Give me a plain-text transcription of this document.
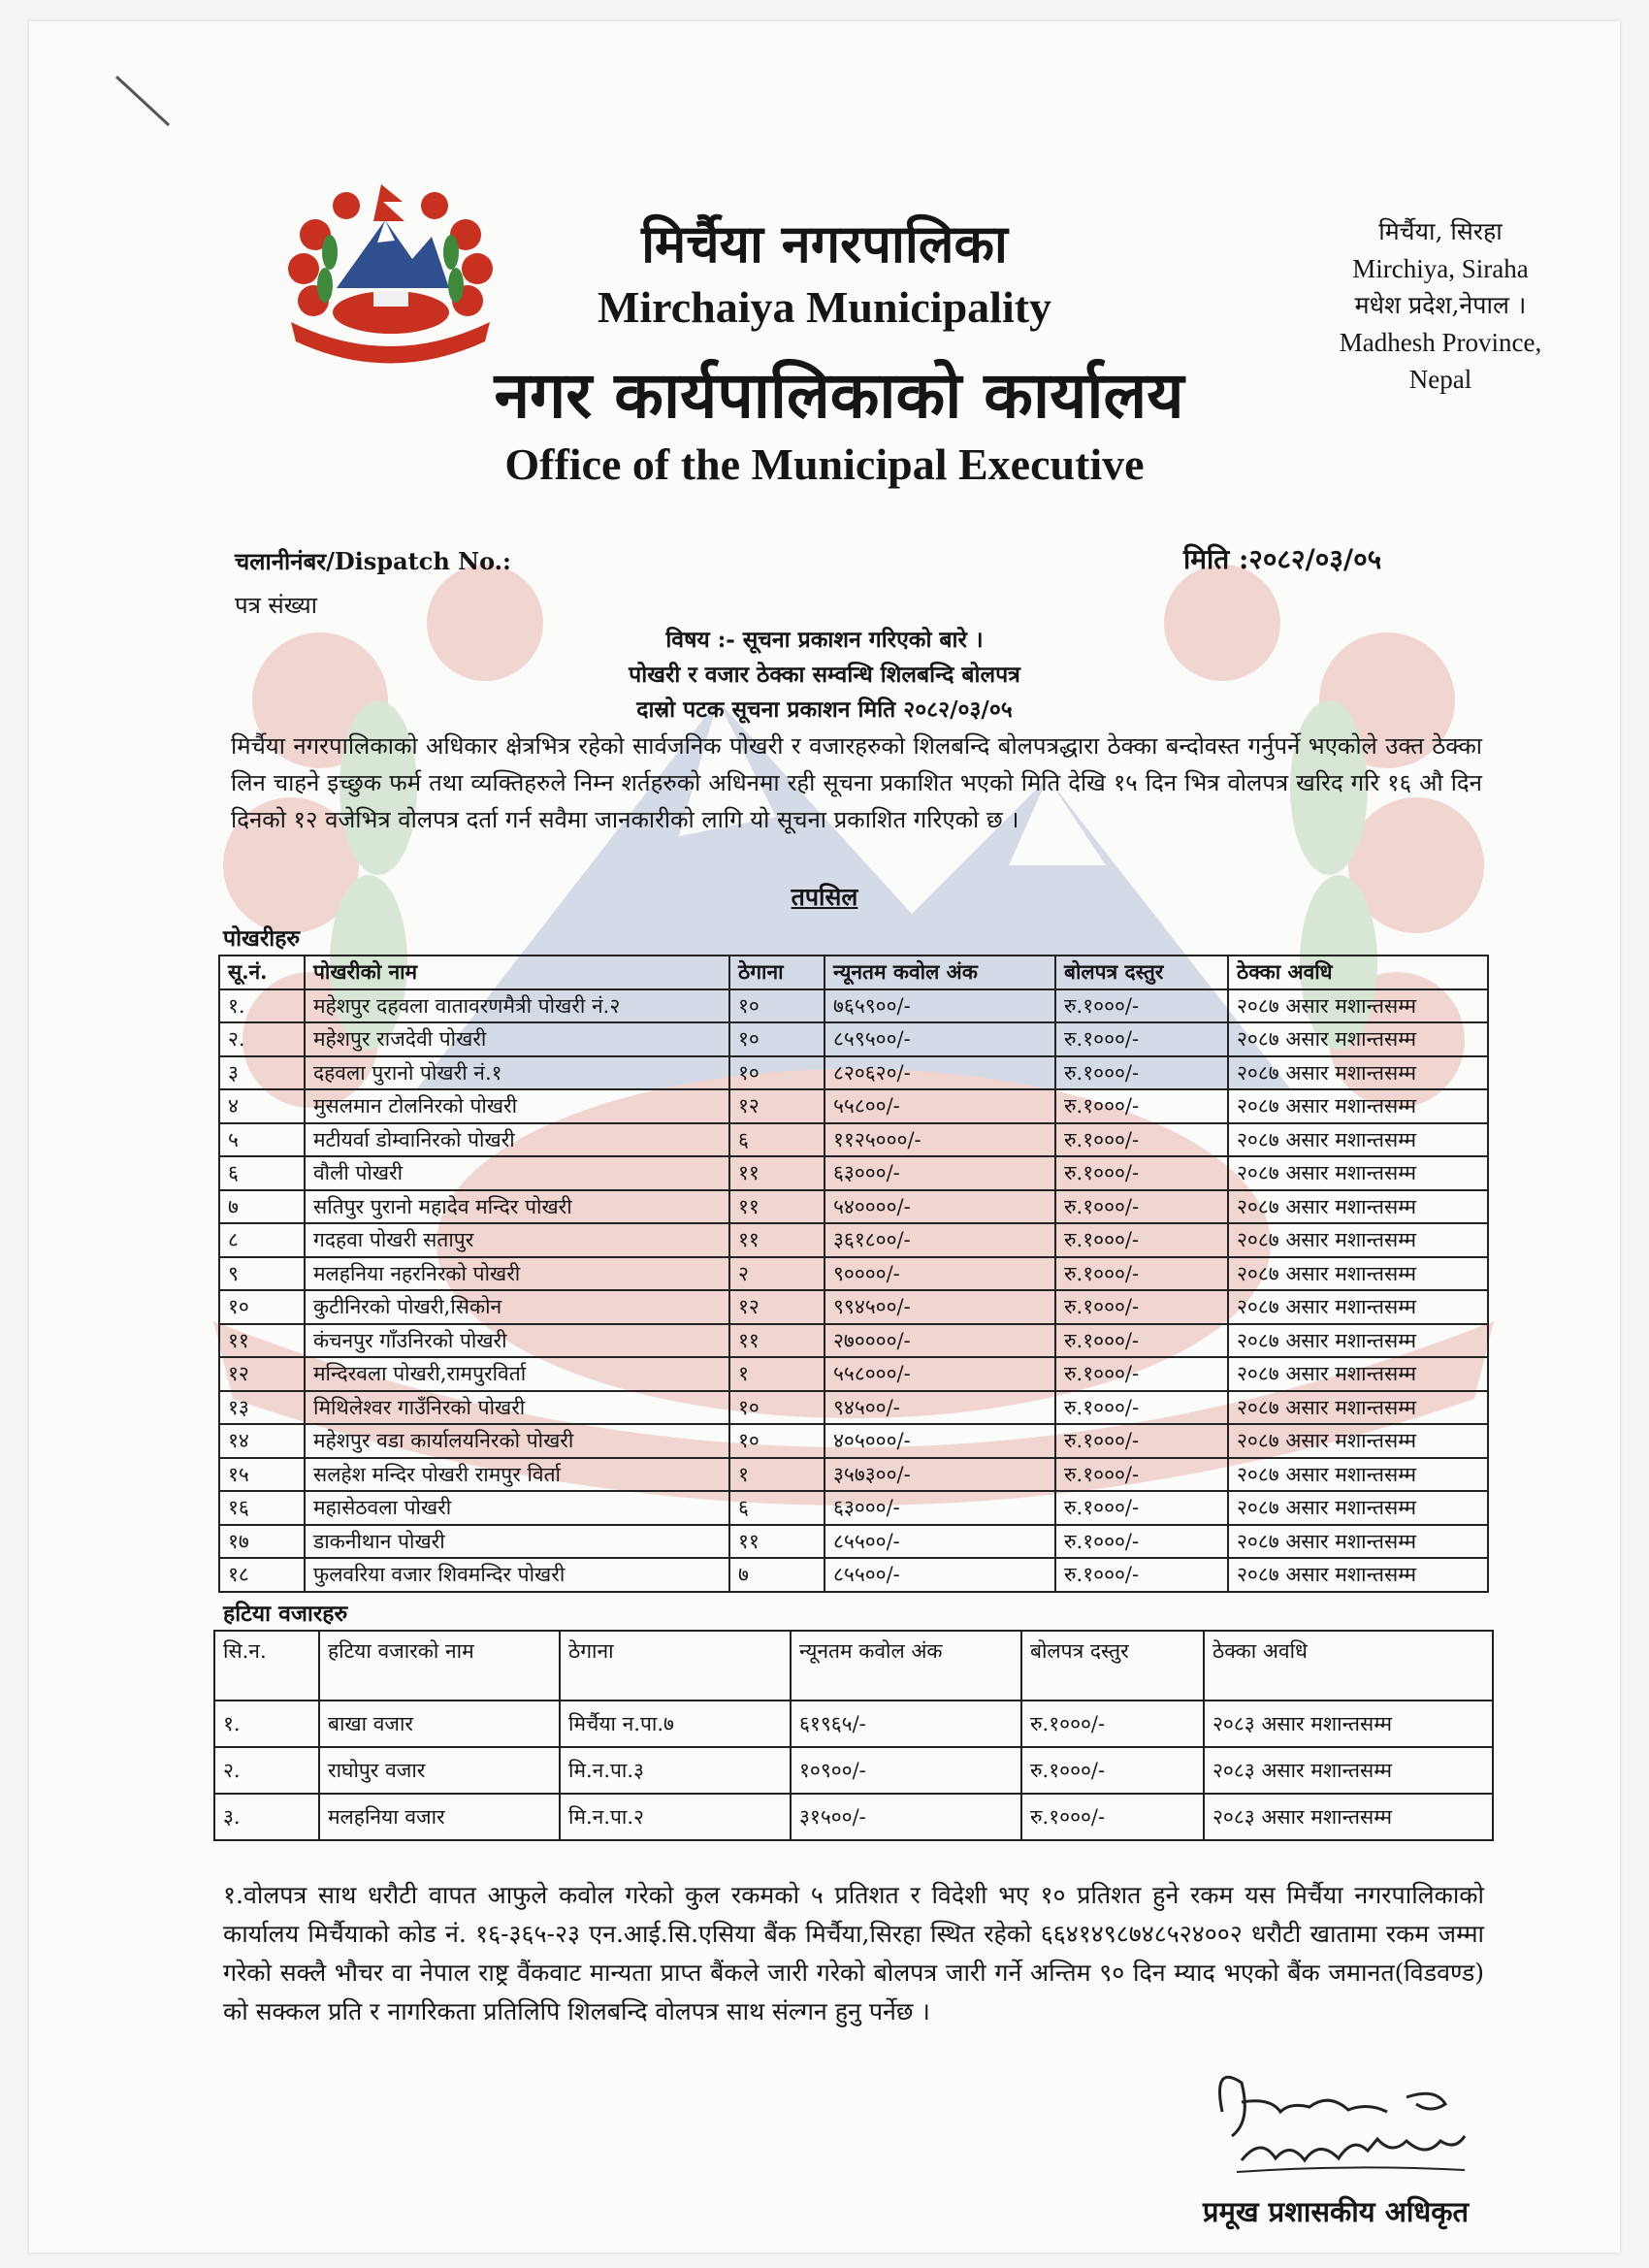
मिर्चैया नगरपालिका
Mirchaiya Municipality
नगर कार्यपालिकाको कार्यालय
Office of the Municipal Executive
मिर्चैया, सिरहा
Mirchiya, Siraha
मधेश प्रदेश,नेपाल ।
Madhesh Province,
Nepal
चलानीनंबर/Dispatch No.:
पत्र संख्या
मिति :२०८२/०३/०५
विषय :- सूचना प्रकाशन गरिएको बारे ।
पोखरी र वजार ठेक्का सम्वन्धि शिलबन्दि बोलपत्र
दास्रो पटक सूचना प्रकाशन मिति २०८२/०३/०५
मिर्चैया नगरपालिकाको अधिकार क्षेत्रभित्र रहेको सार्वजनिक पोखरी र वजारहरुको शिलबन्दि बोलपत्रद्धारा ठेक्का बन्दोवस्त गर्नुपर्ने भएकोले उक्त ठेक्का लिन चाहने इच्छुक फर्म तथा व्यक्तिहरुले निम्न शर्तहरुको अधिनमा रही सूचना प्रकाशित भएको मिति देखि १५ दिन भित्र वोलपत्र खरिद गरि १६ औ दिन दिनको १२ वजेभित्र वोलपत्र दर्ता गर्न सवैमा जानकारीको लागि यो सूचना प्रकाशित गरिएको छ ।
तपसिल
पोखरीहरु
सू.नं.	पोखरीको नाम	ठेगाना	न्यूनतम कवोल अंक	बोलपत्र दस्तुर	ठेक्का अवधि
१.	महेशपुर दहवला वातावरणमैत्री पोखरी नं.२	१०	७६५९००/-	रु.१०००/-	२०८७ असार मशान्तसम्म
२.	महेशपुर राजदेवी पोखरी	१०	८५९५००/-	रु.१०००/-	२०८७ असार मशान्तसम्म
३	दहवला पुरानो पोखरी नं.१	१०	८२०६२०/-	रु.१०००/-	२०८७ असार मशान्तसम्म
४	मुसलमान टोलनिरको पोखरी	१२	५५८००/-	रु.१०००/-	२०८७ असार मशान्तसम्म
५	मटीयर्वा डोम्वानिरको पोखरी	६	११२५०००/-	रु.१०००/-	२०८७ असार मशान्तसम्म
६	वौली पोखरी	११	६३०००/-	रु.१०००/-	२०८७ असार मशान्तसम्म
७	सतिपुर पुरानो महादेव मन्दिर पोखरी	११	५४००००/-	रु.१०००/-	२०८७ असार मशान्तसम्म
८	गदहवा पोखरी सतापुर	११	३६१८००/-	रु.१०००/-	२०८७ असार मशान्तसम्म
९	मलहनिया नहरनिरको पोखरी	२	९००००/-	रु.१०००/-	२०८७ असार मशान्तसम्म
१०	कुटीनिरको पोखरी,सिकोन	१२	९९४५००/-	रु.१०००/-	२०८७ असार मशान्तसम्म
११	कंचनपुर गाँउनिरको पोखरी	११	२७००००/-	रु.१०००/-	२०८७ असार मशान्तसम्म
१२	मन्दिरवला पोखरी,रामपुरविर्ता	१	५५८०००/-	रु.१०००/-	२०८७ असार मशान्तसम्म
१३	मिथिलेश्वर गाउँनिरको पोखरी	१०	९४५००/-	रु.१०००/-	२०८७ असार मशान्तसम्म
१४	महेशपुर वडा कार्यालयनिरको पोखरी	१०	४०५०००/-	रु.१०००/-	२०८७ असार मशान्तसम्म
१५	सलहेश मन्दिर पोखरी रामपुर विर्ता	१	३५७३००/-	रु.१०००/-	२०८७ असार मशान्तसम्म
१६	महासेठवला पोखरी	६	६३०००/-	रु.१०००/-	२०८७ असार मशान्तसम्म
१७	डाकनीथान पोखरी	११	८५५००/-	रु.१०००/-	२०८७ असार मशान्तसम्म
१८	फुलवरिया वजार शिवमन्दिर पोखरी	७	८५५००/-	रु.१०००/-	२०८७ असार मशान्तसम्म
हटिया वजारहरु
सि.न.	हटिया वजारको नाम	ठेगाना	न्यूनतम कवोल अंक	बोलपत्र दस्तुर	ठेक्का अवधि
१.	बाखा वजार	मिर्चैया न.पा.७	६१९६५/-	रु.१०००/-	२०८३ असार मशान्तसम्म
२.	राघोपुर वजार	मि.न.पा.३	१०९००/-	रु.१०००/-	२०८३ असार मशान्तसम्म
३.	मलहनिया वजार	मि.न.पा.२	३१५००/-	रु.१०००/-	२०८३ असार मशान्तसम्म
१.वोलपत्र साथ धरौटी वापत आफुले कवोल गरेको कुल रकमको ५ प्रतिशत र विदेशी भए १० प्रतिशत हुने रकम यस मिर्चैया नगरपालिकाको कार्यालय मिर्चैयाको कोड नं. १६-३६५-२३ एन.आई.सि.एसिया बैंक मिर्चैया,सिरहा स्थित रहेको ६६४१४९८७४८५२४००२ धरौटी खातामा रकम जम्मा गरेको सक्लै भौचर वा नेपाल राष्ट्र वैंकवाट मान्यता प्राप्त बैंकले जारी गरेको बोलपत्र जारी गर्ने अन्तिम ९० दिन म्याद भएको बैंक जमानत(विडवण्ड) को सक्कल प्रति र नागरिकता प्रतिलिपि शिलबन्दि वोलपत्र साथ संल्गन हुनु पर्नेछ ।
प्रमूख प्रशासकीय अधिकृत
